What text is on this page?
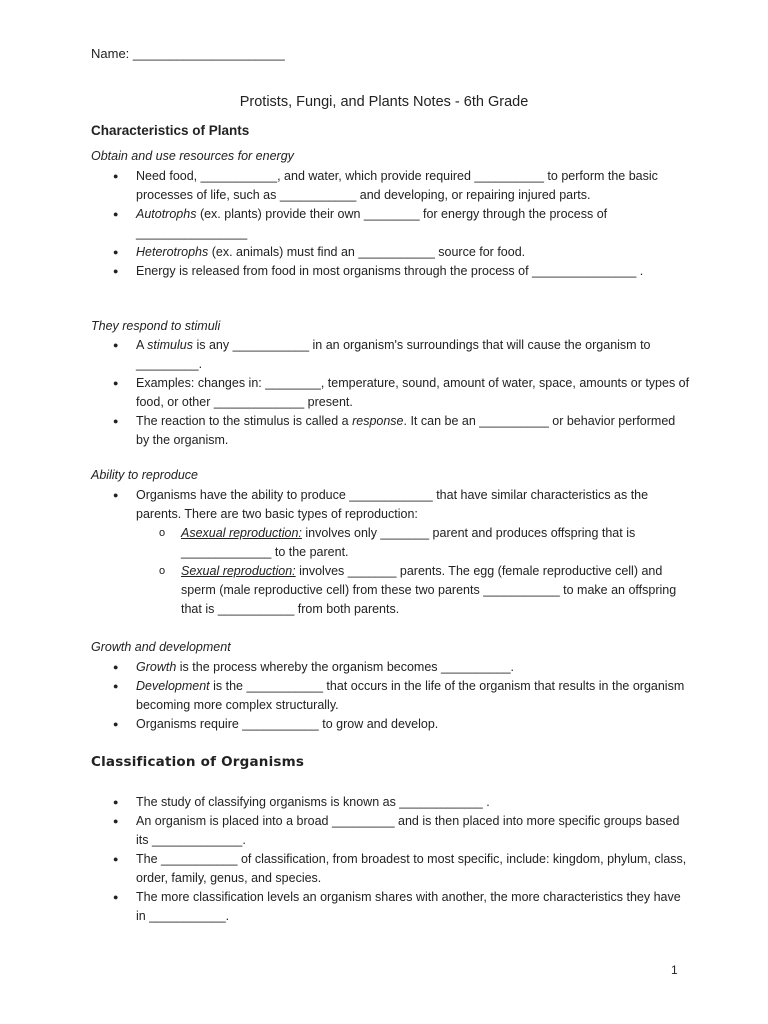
Name: _____________________
Protists, Fungi, and Plants Notes - 6th Grade
Characteristics of Plants
Obtain and use resources for energy
● Need food, ___________, and water, which provide required __________ to perform the basic processes of life, such as ___________ and developing, or repairing injured parts.
● Autotrophs (ex. plants) provide their own ________ for energy through the process of ________________
● Heterotrophs (ex. animals) must find an ___________ source for food.
● Energy is released from food in most organisms through the process of _______________ .
They respond to stimuli
● A stimulus is any ___________ in an organism's surroundings that will cause the organism to _________.
● Examples: changes in: ________, temperature, sound, amount of water, space, amounts or types of food, or other _____________ present.
● The reaction to the stimulus is called a response. It can be an __________ or behavior performed by the organism.
Ability to reproduce
● Organisms have the ability to produce ____________ that have similar characteristics as the parents. There are two basic types of reproduction:
o Asexual reproduction: involves only _______ parent and produces offspring that is _____________ to the parent.
o Sexual reproduction: involves _______ parents. The egg (female reproductive cell) and sperm (male reproductive cell) from these two parents ___________ to make an offspring that is ___________ from both parents.
Growth and development
● Growth is the process whereby the organism becomes __________.
● Development is the ___________ that occurs in the life of the organism that results in the organism becoming more complex structurally.
● Organisms require ___________ to grow and develop.
Classification of Organisms
● The study of classifying organisms is known as ____________ .
● An organism is placed into a broad _________ and is then placed into more specific groups based its _____________.
● The ___________ of classification, from broadest to most specific, include: kingdom, phylum, class, order, family, genus, and species.
● The more classification levels an organism shares with another, the more characteristics they have in ___________.
1
